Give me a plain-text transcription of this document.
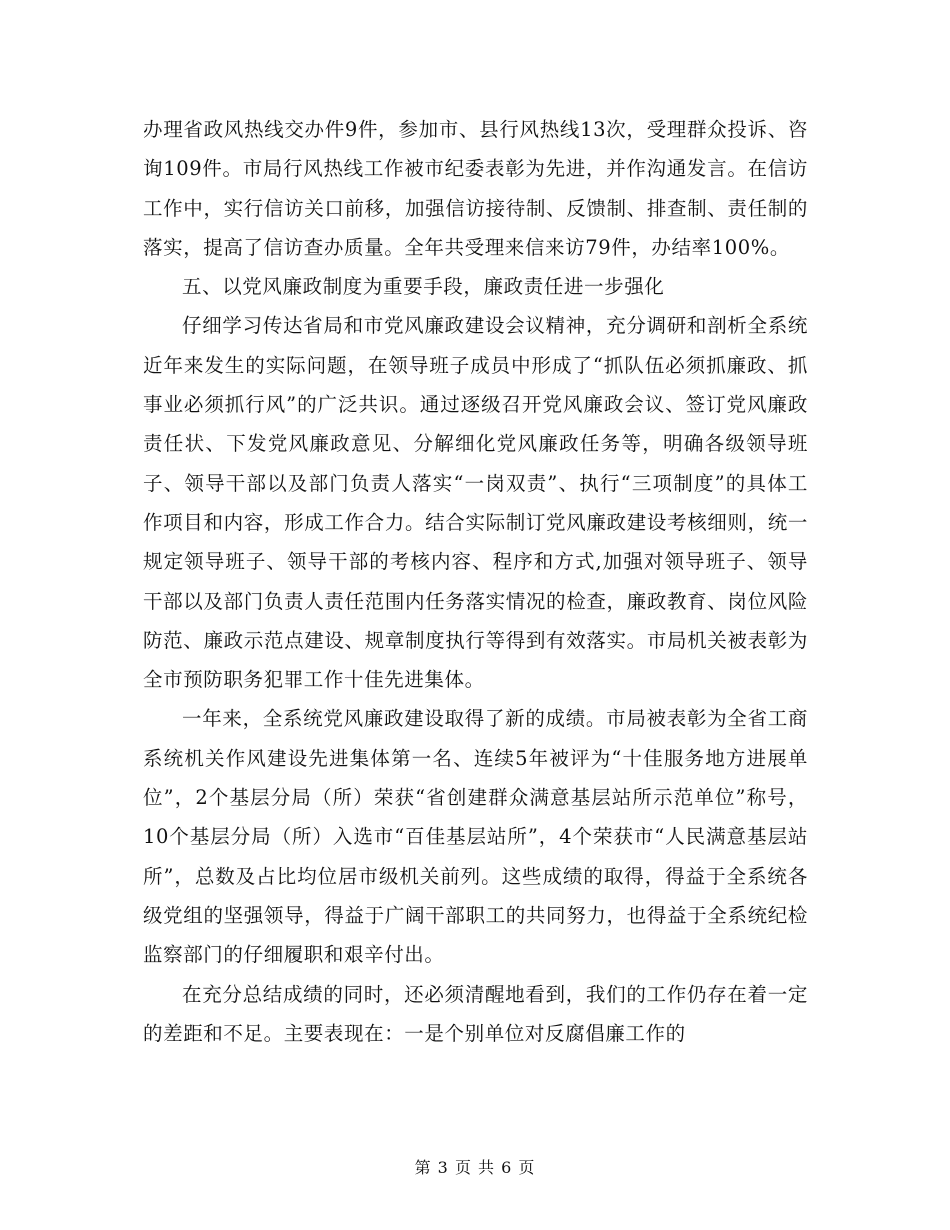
办理省政风热线交办件9件，参加市、县行风热线13次，受理群众投诉、咨询109件。市局行风热线工作被市纪委表彰为先进，并作沟通发言。在信访工作中，实行信访关口前移，加强信访接待制、反馈制、排查制、责任制的落实，提高了信访查办质量。全年共受理来信来访79件，办结率100%。

五、以党风廉政制度为重要手段，廉政责任进一步强化

仔细学习传达省局和市党风廉政建设会议精神，充分调研和剖析全系统近年来发生的实际问题，在领导班子成员中形成了“抓队伍必须抓廉政、抓事业必须抓行风”的广泛共识。通过逐级召开党风廉政会议、签订党风廉政责任状、下发党风廉政意见、分解细化党风廉政任务等，明确各级领导班子、领导干部以及部门负责人落实“一岗双责”、执行“三项制度”的具体工作项目和内容，形成工作合力。结合实际制订党风廉政建设考核细则，统一规定领导班子、领导干部的考核内容、程序和方式,加强对领导班子、领导干部以及部门负责人责任范围内任务落实情况的检查，廉政教育、岗位风险防范、廉政示范点建设、规章制度执行等得到有效落实。市局机关被表彰为全市预防职务犯罪工作十佳先进集体。

一年来，全系统党风廉政建设取得了新的成绩。市局被表彰为全省工商系统机关作风建设先进集体第一名、连续5年被评为“十佳服务地方进展单位”，2个基层分局（所）荣获“省创建群众满意基层站所示范单位”称号，10个基层分局（所）入选市“百佳基层站所”，4个荣获市“人民满意基层站所”，总数及占比均位居市级机关前列。这些成绩的取得，得益于全系统各级党组的坚强领导，得益于广阔干部职工的共同努力，也得益于全系统纪检监察部门的仔细履职和艰辛付出。

在充分总结成绩的同时，还必须清醒地看到，我们的工作仍存在着一定的差距和不足。主要表现在：一是个别单位对反腐倡廉工作的

第 3 页 共 6 页
